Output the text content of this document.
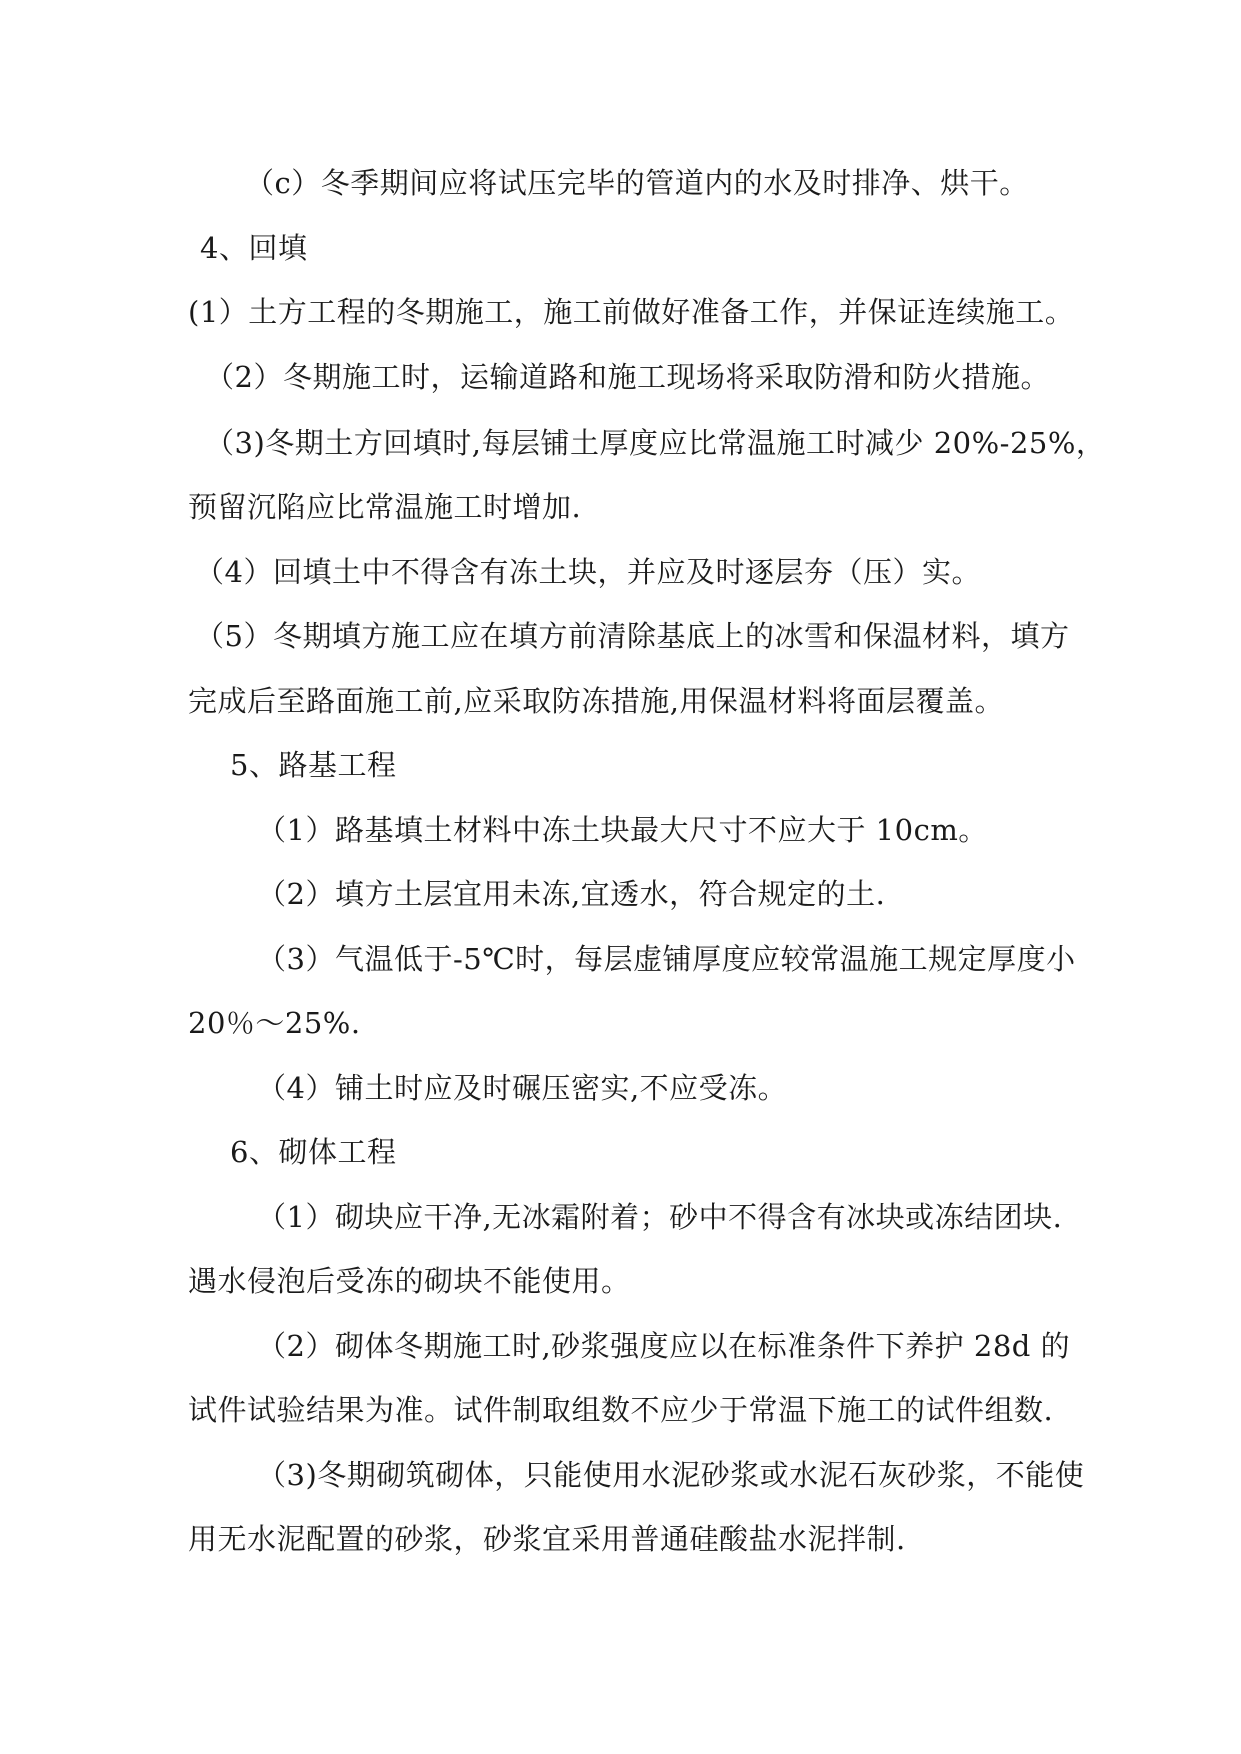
（c）冬季期间应将试压完毕的管道内的水及时排净、烘干。
4、回填
(1）土方工程的冬期施工，施工前做好准备工作，并保证连续施工。
（2）冬期施工时，运输道路和施工现场将采取防滑和防火措施。
（3)冬期土方回填时,每层铺土厚度应比常温施工时减少 20%-25%，
预留沉陷应比常温施工时增加.
（4）回填土中不得含有冻土块，并应及时逐层夯（压）实。
（5）冬期填方施工应在填方前清除基底上的冰雪和保温材料，填方
完成后至路面施工前,应采取防冻措施,用保温材料将面层覆盖。
5、路基工程
（1）路基填土材料中冻土块最大尺寸不应大于 10cm。
（2）填方土层宜用未冻,宜透水，符合规定的土.
（3）气温低于-5℃时，每层虚铺厚度应较常温施工规定厚度小
20％～25%.
（4）铺土时应及时碾压密实,不应受冻。
6、砌体工程
（1）砌块应干净,无冰霜附着；砂中不得含有冰块或冻结团块.
遇水侵泡后受冻的砌块不能使用。
（2）砌体冬期施工时,砂浆强度应以在标准条件下养护 28d 的
试件试验结果为准。试件制取组数不应少于常温下施工的试件组数.
（3)冬期砌筑砌体，只能使用水泥砂浆或水泥石灰砂浆，不能使
用无水泥配置的砂浆，砂浆宜采用普通硅酸盐水泥拌制.
